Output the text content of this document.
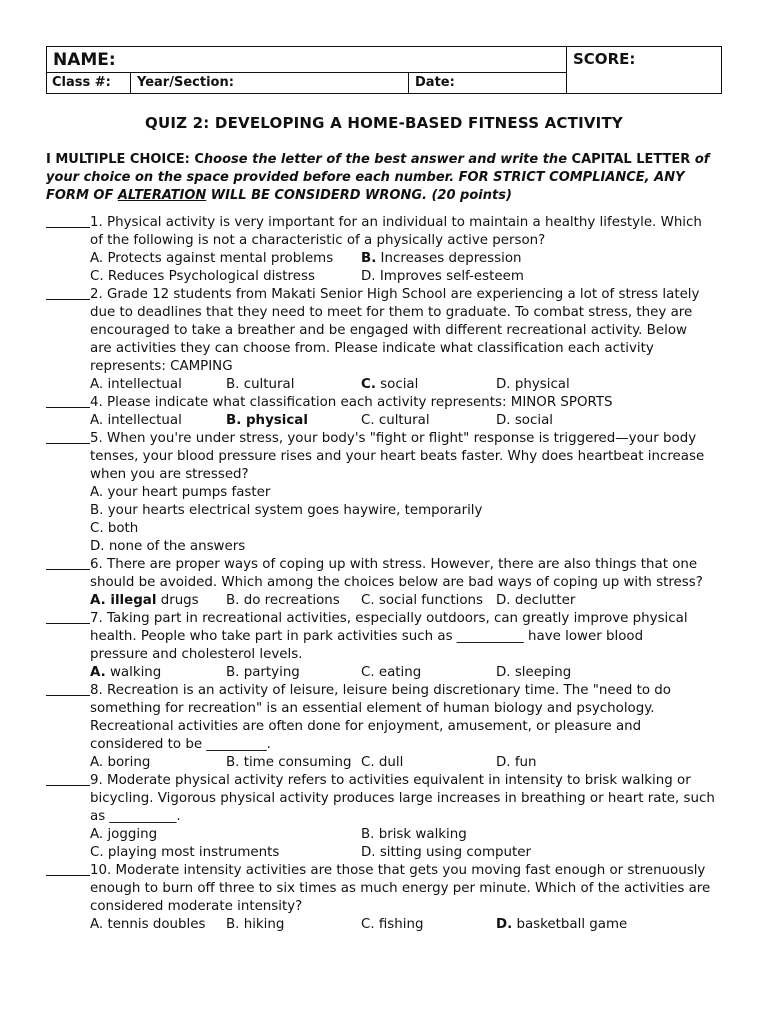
NAME:	SCORE:
Class #:	Year/Section:	Date:
QUIZ 2: DEVELOPING A HOME-BASED FITNESS ACTIVITY
I MULTIPLE CHOICE: Choose the letter of the best answer and write the CAPITAL LETTER of your choice on the space provided before each number. FOR STRICT COMPLIANCE, ANY FORM OF ALTERATION WILL BE CONSIDERD WRONG. (20 points)
1. Physical activity is very important for an individual to maintain a healthy lifestyle. Which
of the following is not a characteristic of a physically active person?
A. Protects against mental problems B. Increases depression
C. Reduces Psychological distress	D. Improves self-esteem
2. Grade 12 students from Makati Senior High School are experiencing a lot of stress lately
due to deadlines that they need to meet for them to graduate. To combat stress, they are
encouraged to take a breather and be engaged with different recreational activity. Below
are activities they can choose from. Please indicate what classification each activity
represents: CAMPING
A. intellectual	B. cultural	C. social	D. physical
4. Please indicate what classification each activity represents: MINOR SPORTS
A. intellectual	B. physical	C. cultural	D. social
5. When you're under stress, your body's "fight or flight" response is triggered—your body
tenses, your blood pressure rises and your heart beats faster. Why does heartbeat increase
when you are stressed?
A. your heart pumps faster
B. your hearts electrical system goes haywire, temporarily
C. both
D. none of the answers
6. There are proper ways of coping up with stress. However, there are also things that one
should be avoided. Which among the choices below are bad ways of coping up with stress?
A. illegal drugs B. do recreations C. social functions D. declutter
7. Taking part in recreational activities, especially outdoors, can greatly improve physical
health. People who take part in park activities such as __________ have lower blood
pressure and cholesterol levels.
A. walking	B. partying	C. eating	D. sleeping
8. Recreation is an activity of leisure, leisure being discretionary time. The "need to do
something for recreation" is an essential element of human biology and psychology.
Recreational activities are often done for enjoyment, amusement, or pleasure and
considered to be _________.
A. boring	B. time consuming C. dull	D. fun
9. Moderate physical activity refers to activities equivalent in intensity to brisk walking or
bicycling. Vigorous physical activity produces large increases in breathing or heart rate, such
as __________.
A. jogging	B. brisk walking
C. playing most instruments	D. sitting using computer
10. Moderate intensity activities are those that gets you moving fast enough or strenuously
enough to burn off three to six times as much energy per minute. Which of the activities are
considered moderate intensity?
A. tennis doubles B. hiking	C. fishing	D. basketball game
